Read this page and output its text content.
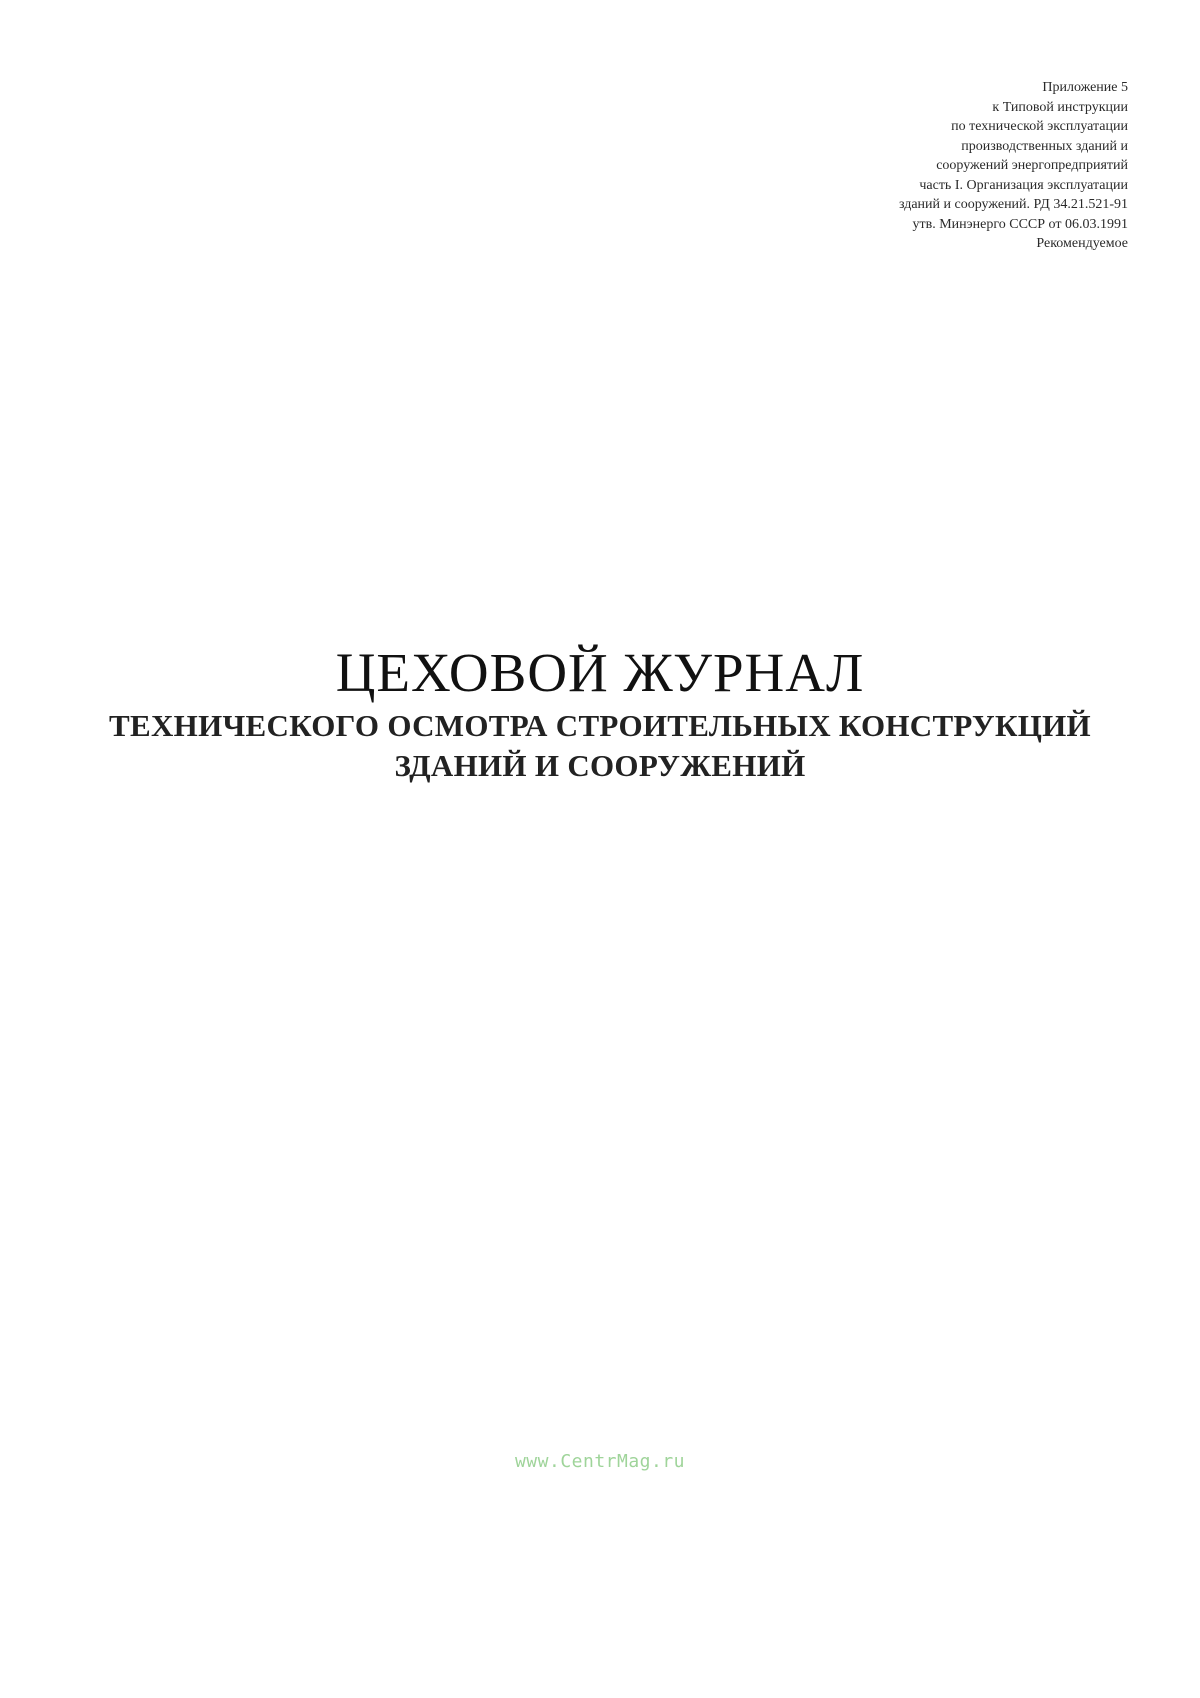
Приложение 5
к Типовой инструкции
по технической эксплуатации
производственных зданий и
сооружений энергопредприятий
часть I. Организация эксплуатации
зданий и сооружений. РД 34.21.521-91
утв. Минэнерго СССР от 06.03.1991
Рекомендуемое
ЦЕХОВОЙ ЖУРНАЛ
ТЕХНИЧЕСКОГО ОСМОТРА СТРОИТЕЛЬНЫХ КОНСТРУКЦИЙ
ЗДАНИЙ И СООРУЖЕНИЙ
www.CentrMag.ru
